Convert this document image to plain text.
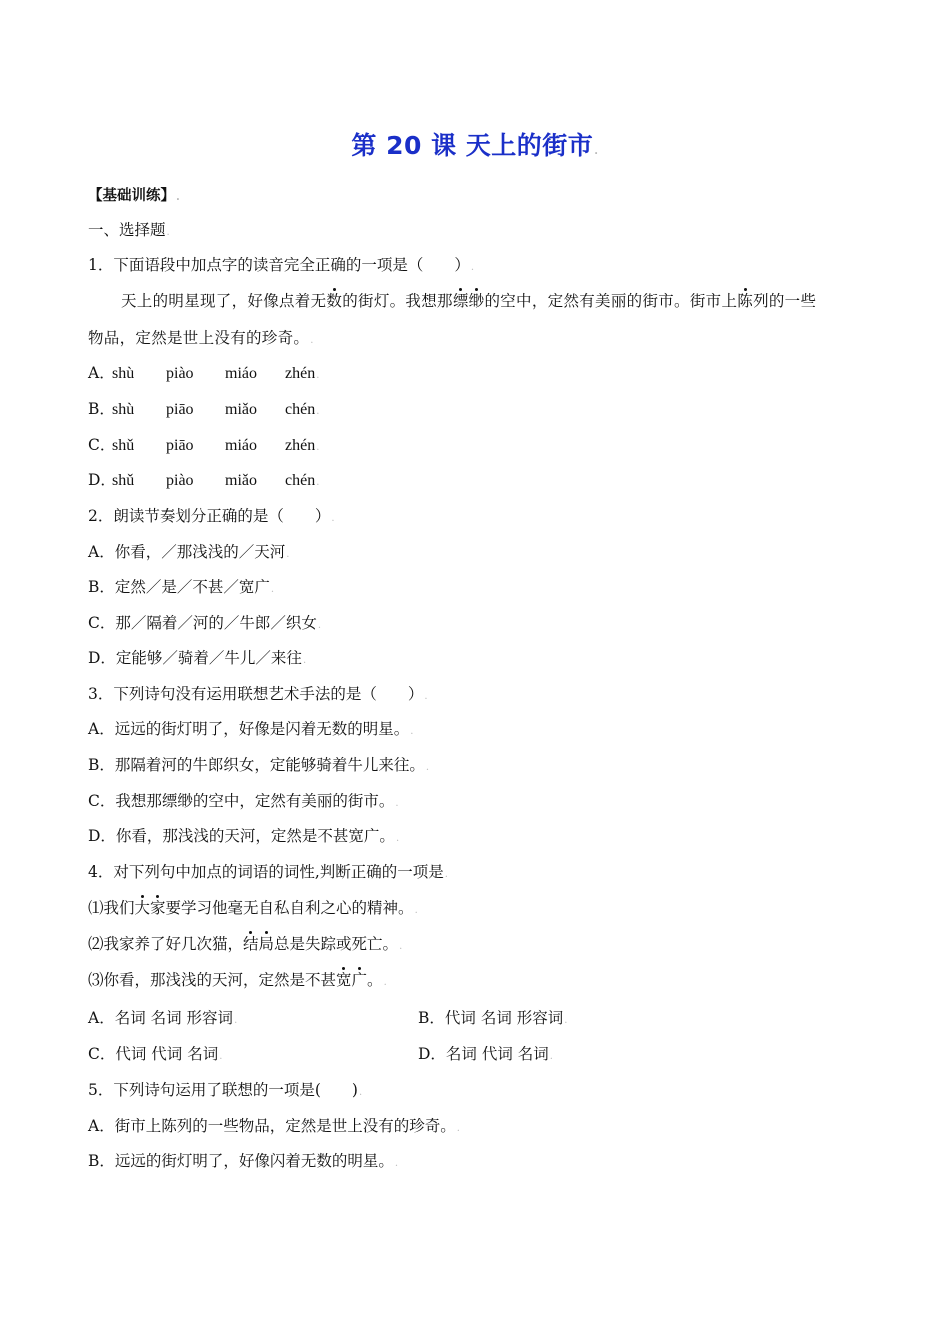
第 20 课 天上的街市.
【基础训练】.
一、选择题.
1．下面语段中加点字的读音完全正确的一项是（　　）.
天上的明星现了，好像点着无数的街灯。我想那缥缈的空中，定然有美丽的街市。街市上陈列的一些
物品，定然是世上没有的珍奇。.
A．shù piào miáo zhén.
B．shù piāo miǎo chén.
C．shǔ piāo miáo zhén.
D．shǔ piào miǎo chén.
2．朗读节奏划分正确的是（　　）.
A．你看，／那浅浅的／天河.
B．定然／是／不甚／宽广.
C．那／隔着／河的／牛郎／织女.
D．定能够／骑着／牛儿／来往.
3．下列诗句没有运用联想艺术手法的是（　　）.
A．远远的街灯明了，好像是闪着无数的明星。.
B．那隔着河的牛郎织女，定能够骑着牛儿来往。.
C．我想那缥缈的空中，定然有美丽的街市。.
D．你看，那浅浅的天河，定然是不甚宽广。.
4．对下列句中加点的词语的词性,判断正确的一项是.
⑴我们大家要学习他毫无自私自利之心的精神。.
⑵我家养了好几次猫，结局总是失踪或死亡。.
⑶你看，那浅浅的天河，定然是不甚宽广。.
A．名词 名词 形容词.	B．代词 名词 形容词.
C．代词 代词 名词.	D．名词 代词 名词.
5．下列诗句运用了联想的一项是(　　).
A．街市上陈列的一些物品，定然是世上没有的珍奇。.
B．远远的街灯明了，好像闪着无数的明星。.
